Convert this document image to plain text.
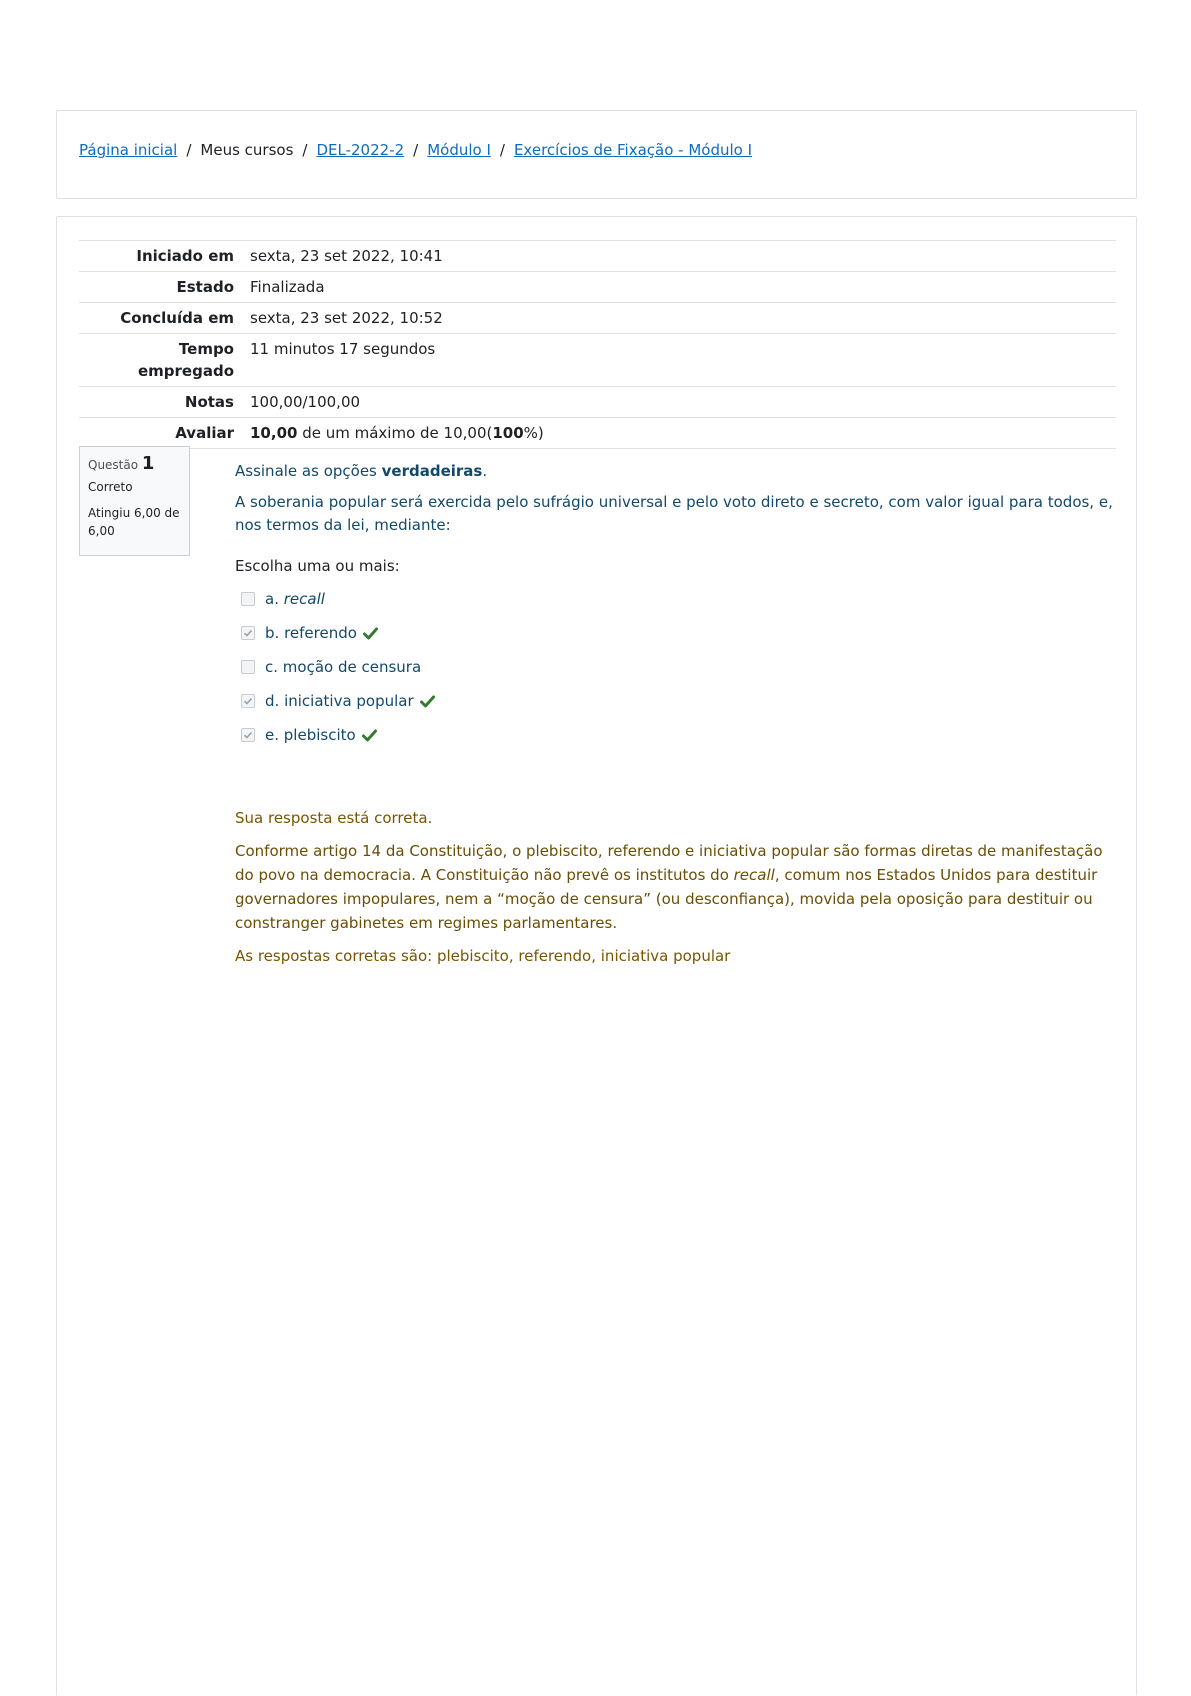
Página inicial / Meus cursos / DEL-2022-2 / Módulo I / Exercícios de Fixação - Módulo I
Iniciado em	sexta, 23 set 2022, 10:41
Estado	Finalizada
Concluída em	sexta, 23 set 2022, 10:52
Tempo empregado	11 minutos 17 segundos
Notas	100,00/100,00
Avaliar	10,00 de um máximo de 10,00(100%)
Questão 1
Correto
Atingiu 6,00 de 6,00

Assinale as opções verdadeiras.

A soberania popular será exercida pelo sufrágio universal e pelo voto direto e secreto, com valor igual para todos, e, nos termos da lei, mediante:

Escolha uma ou mais:

a.
recall
b.
referendo
c.
moção de censura
d.
iniciativa popular
e.
plebiscito

Sua resposta está correta.

Conforme artigo 14 da Constituição, o plebiscito, referendo e iniciativa popular são formas diretas de manifestação do povo na democracia. A Constituição não prevê os institutos do recall, comum nos Estados Unidos para destituir governadores impopulares, nem a “moção de censura” (ou desconfiança), movida pela oposição para destituir ou constranger gabinetes em regimes parlamentares.

As respostas corretas são: plebiscito, referendo, iniciativa popular
